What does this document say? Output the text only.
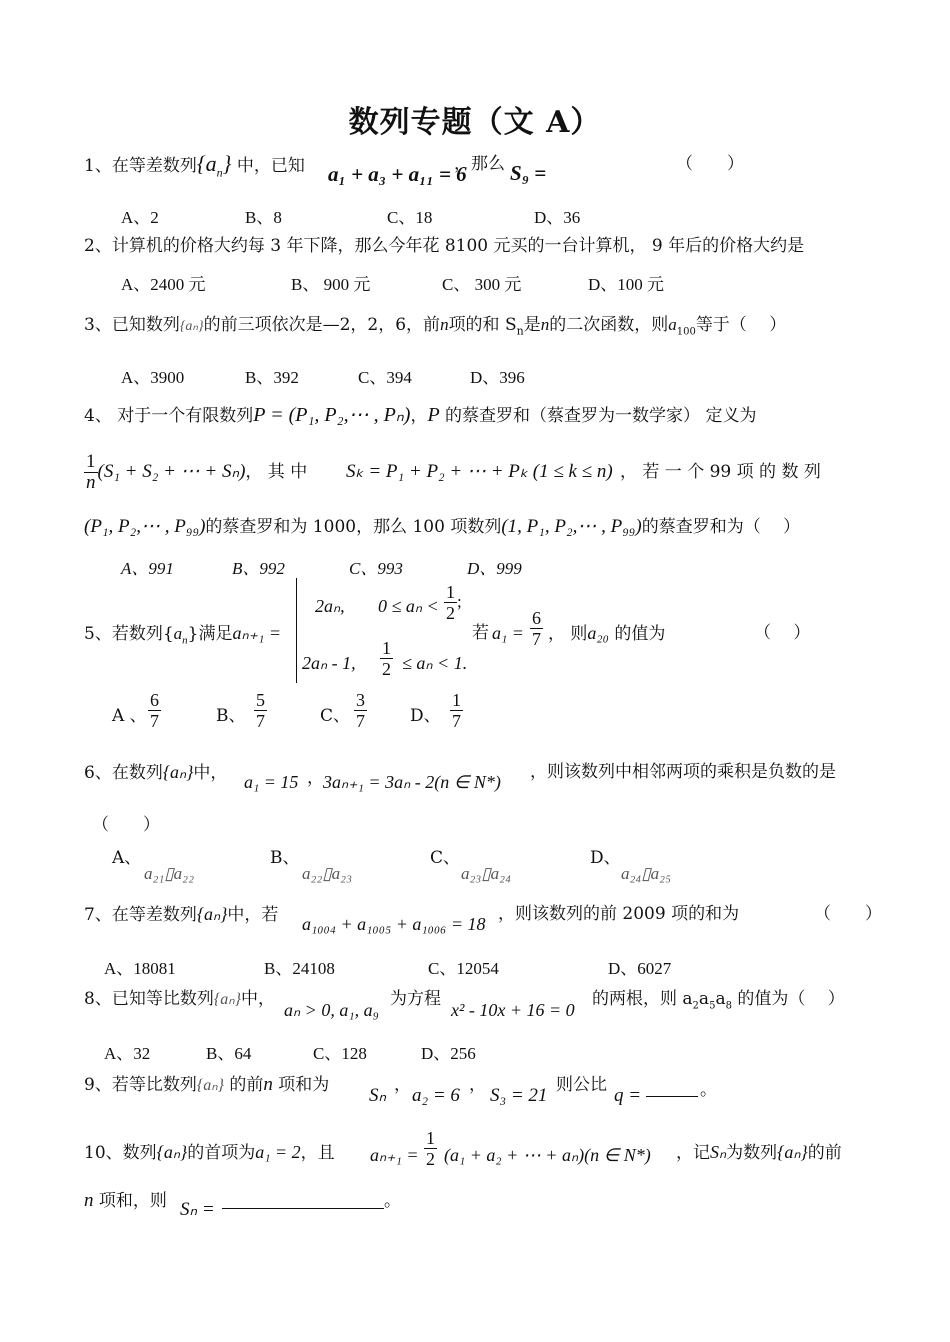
数列专题（文 A）
1、在等差数列$\{a_n\}$ 中，已知 a₁ + a₃ + a₁₁ = 6
，那么 S₉ =	（　　）
A、2	B、8	C、18	D、36
2、计算机的价格大约每 3 年下降，那么今年花 8100 元买的一台计算机， 9 年后的价格大约是
A、2400 元	B、 900 元	C、 300 元	D、100 元
3、已知数列{aₙ}的前三项依次是—2，2，6，前n项的和 $S_n$是n的二次函数，则$a_{100}$等于（　 ）
A、3900	B、392	C、394	D、396
4、 对于一个有限数列P = (P₁, P₂,⋯ , Pₙ)，P 的蔡查罗和（蔡查罗为一数学家） 定义为
$\frac{1}{n} (S_1 + S_2$ + ⋯ + Sₙ)， 其 中 Sₖ = P₁ + P₂ + ⋯ + Pₖ (1 ≤ k ≤ n) ， 若 一 个 99 项 的 数 列
(P₁, P₂,⋯ , P₉₉)的蔡查罗和为 1000，那么 100 项数列(1, P₁, P₂,⋯ , P₉₉)的蔡查罗和为（　 ）
A、991	B、992	C、993	D、999
5、若数列$\{a_n\}$满足aₙ₊₁ =
2aₙ, $0 \le a_n < \frac{1}{2}$ ;
2aₙ - 1, $\frac{1}{2} \le a_n < 1$.
若 $a_1 = \frac{6}{7}$ ， 则a₂₀ 的值为	（　 ）
A 、 $\frac{6}{7}$	B、 $\frac{5}{7}$	C、 $\frac{3}{7}$	D、 $\frac{1}{7}$
6、在数列{aₙ}中， a₁ = 15 ， 3aₙ₊₁ = 3aₙ - 2(n ∈ N*) ，则该数列中相邻两项的乘积是负数的是
（　　）
A、
a₂₁▯a₂₂
B、
a₂₂▯a₂₃
C、
a₂₃▯a₂₄
D、
a₂₄▯a₂₅
7、在等差数列{aₙ}中，若 a₁₀₀₄ + a₁₀₀₅ + a₁₀₀₆ = 18 ，则该数列的前 2009 项的和为	（　　）
A、18081	B、24108	C、12054	D、6027
8、已知等比数列{aₙ}中，
aₙ > 0, a₁, a₉
为方程
x² - 10x + 16 = 0
的两根，则 $a_2a_5a_8$ 的值为（　 ）
A、32	B、64	C、128	D、256
9、若等比数列{aₙ} 的前n 项和为 Sₙ ， a₂ = 6 ， S₃ = 21 则公比 q =	。
10、数列{aₙ}的首项为a₁ = 2，且 $a_{n+1} = \frac{1}{2} (a_1 + a_2$ + ⋯ + aₙ)(n ∈ N*) ，记Sₙ为数列{aₙ}的前
n 项和，则 Sₙ =	。
